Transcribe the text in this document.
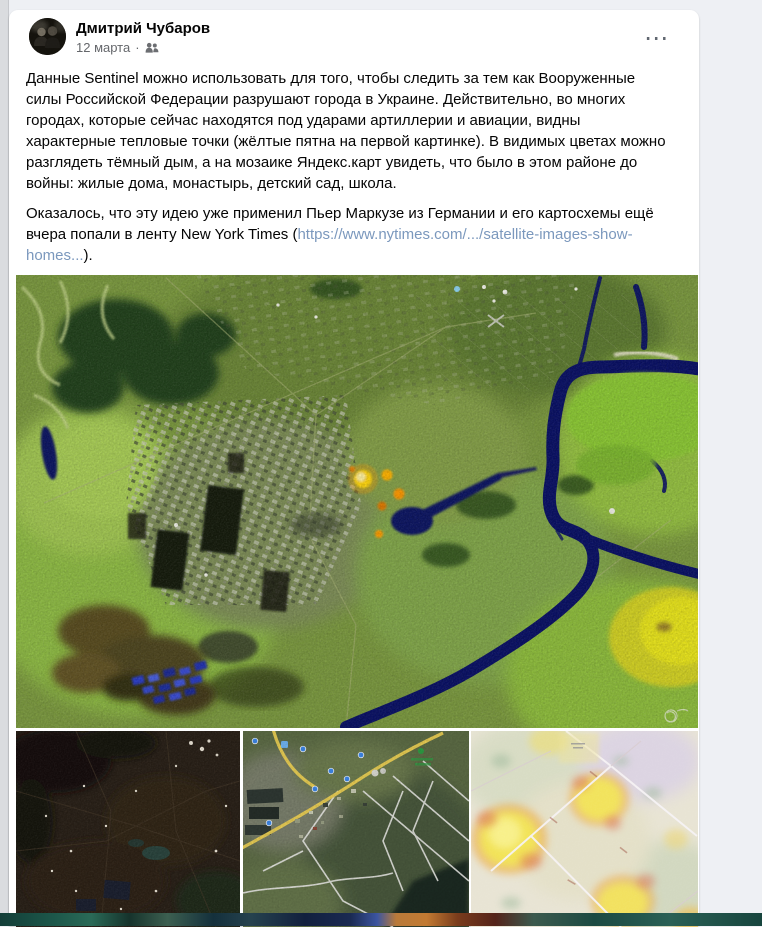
Дмитрий Чубаров
12 марта ·	⋯

Данные Sentinel можно использовать для того, чтобы следить за тем как Вооруженные силы Российской Федерации разрушают города в Украине. Действительно, во многих городах, которые сейчас находятся под ударами артиллерии и авиации, видны характерные тепловые точки (жёлтые пятна на первой картинке). В видимых цветах можно разглядеть тёмный дым, а на мозаике Яндекс.карт увидеть, что было в этом районе до войны: жилые дома, монастырь, детский сад, школа.

Оказалось, что эту идею уже применил Пьер Маркузе из Германии и его картосхемы ещё вчера попали в ленту New York Times (https://www.nytimes.com/.../satellite-images-show-homes...).
